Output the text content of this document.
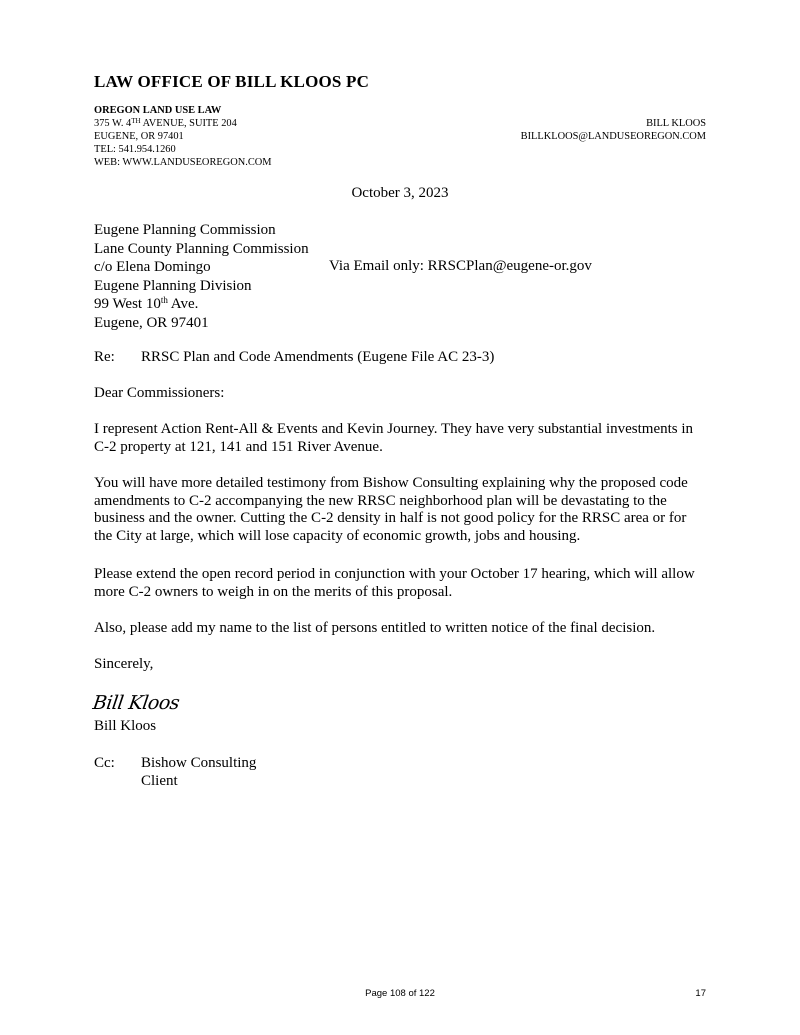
LAW OFFICE OF BILL KLOOS PC
OREGON LAND USE LAW
375 W. 4TH AVENUE, SUITE 204
EUGENE, OR 97401
TEL: 541.954.1260
WEB: WWW.LANDUSEOREGON.COM
BILL KLOOS
BILLKLOOS@LANDUSEOREGON.COM
October 3, 2023
Eugene Planning Commission
Lane County Planning Commission
c/o Elena Domingo
Eugene Planning Division
99 West 10th Ave.
Eugene, OR 97401
Via Email only: RRSCPlan@eugene-or.gov
Re: RRSC Plan and Code Amendments (Eugene File AC 23-3)
Dear Commissioners:
I represent Action Rent-All & Events and Kevin Journey. They have very substantial investments in C-2 property at 121, 141 and 151 River Avenue.
You will have more detailed testimony from Bishow Consulting explaining why the proposed code amendments to C-2 accompanying the new RRSC neighborhood plan will be devastating to the business and the owner. Cutting the C-2 density in half is not good policy for the RRSC area or for the City at large, which will lose capacity of economic growth, jobs and housing.
Please extend the open record period in conjunction with your October 17 hearing, which will allow more C-2 owners to weigh in on the merits of this proposal.
Also, please add my name to the list of persons entitled to written notice of the final decision.
Sincerely,
Bill Kloos
Bill Kloos
Cc: Bishow Consulting
Client
Page 108 of 122	17
